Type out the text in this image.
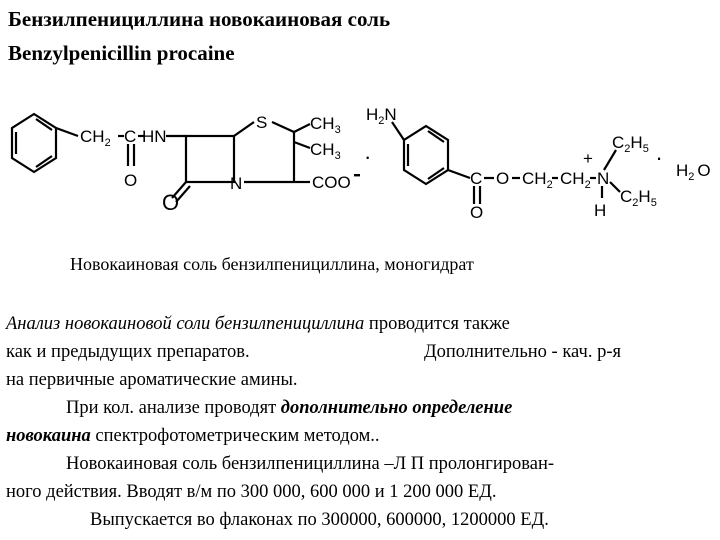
Бензилпенициллина новокаиновая соль
Benzylpenicillin procaine
$CH_2$ C HN
O
S	$CH_3$
$CH_3$
N
O
COO
·
$H_2N$
C
O
O $CH_2$ $CH_2$ N
+
H
$C_2H_5$
$C_2H_5$
.
$H_2$ O
Новокаиновая соль бензилпенициллина, моногидрат
Анализ новокаиновой соли бензилпенициллина проводится также
как и предыдущих препаратов.	Дополнительно - кач. р-я
на первичные ароматические амины.
При кол. анализе проводят дополнительно определение
новокаина спектрофотометрическим методом..
Новокаиновая соль бензилпенициллина –Л П пролонгирован-
ного действия. Вводят в/м по 300 000, 600 000 и 1 200 000 ЕД.
Выпускается во флаконах по 300000, 600000, 1200000 ЕД.
